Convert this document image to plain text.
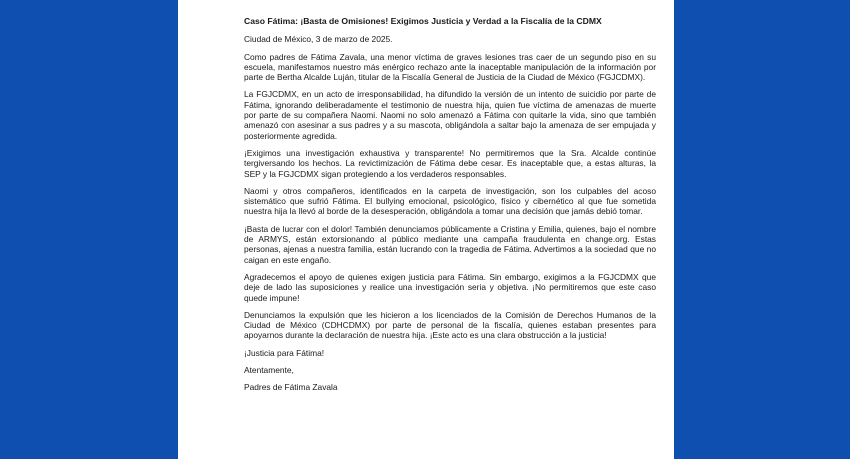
Caso Fátima: ¡Basta de Omisiones! Exigimos Justicia y Verdad a la Fiscalía de la CDMX
Ciudad de México, 3 de marzo de 2025.
Como padres de Fátima Zavala, una menor víctima de graves lesiones tras caer de un segundo piso en su escuela, manifestamos nuestro más enérgico rechazo ante la inaceptable manipulación de la información por parte de Bertha Alcalde Luján, titular de la Fiscalía General de Justicia de la Ciudad de México (FGJCDMX).
La FGJCDMX, en un acto de irresponsabilidad, ha difundido la versión de un intento de suicidio por parte de Fátima, ignorando deliberadamente el testimonio de nuestra hija, quien fue víctima de amenazas de muerte por parte de su compañera Naomi. Naomi no solo amenazó a Fátima con quitarle la vida, sino que también amenazó con asesinar a sus padres y a su mascota, obligándola a saltar bajo la amenaza de ser empujada y posteriormente agredida.
¡Exigimos una investigación exhaustiva y transparente! No permitiremos que la Sra. Alcalde continúe tergiversando los hechos. La revictimización de Fátima debe cesar. Es inaceptable que, a estas alturas, la SEP y la FGJCDMX sigan protegiendo a los verdaderos responsables.
Naomi y otros compañeros, identificados en la carpeta de investigación, son los culpables del acoso sistemático que sufrió Fátima. El bullying emocional, psicológico, físico y cibernético al que fue sometida nuestra hija la llevó al borde de la desesperación, obligándola a tomar una decisión que jamás debió tomar.
¡Basta de lucrar con el dolor! También denunciamos públicamente a Cristina y Emilia, quienes, bajo el nombre de ARMYS, están extorsionando al público mediante una campaña fraudulenta en change.org. Estas personas, ajenas a nuestra familia, están lucrando con la tragedia de Fátima. Advertimos a la sociedad que no caigan en este engaño.
Agradecemos el apoyo de quienes exigen justicia para Fátima. Sin embargo, exigimos a la FGJCDMX que deje de lado las suposiciones y realice una investigación seria y objetiva. ¡No permitiremos que este caso quede impune!
Denunciamos la expulsión que les hicieron a los licenciados de la Comisión de Derechos Humanos de la Ciudad de México (CDHCDMX) por parte de personal de la fiscalía, quienes estaban presentes para apoyarnos durante la declaración de nuestra hija. ¡Este acto es una clara obstrucción a la justicia!
¡Justicia para Fátima!
Atentamente,
Padres de Fátima Zavala
